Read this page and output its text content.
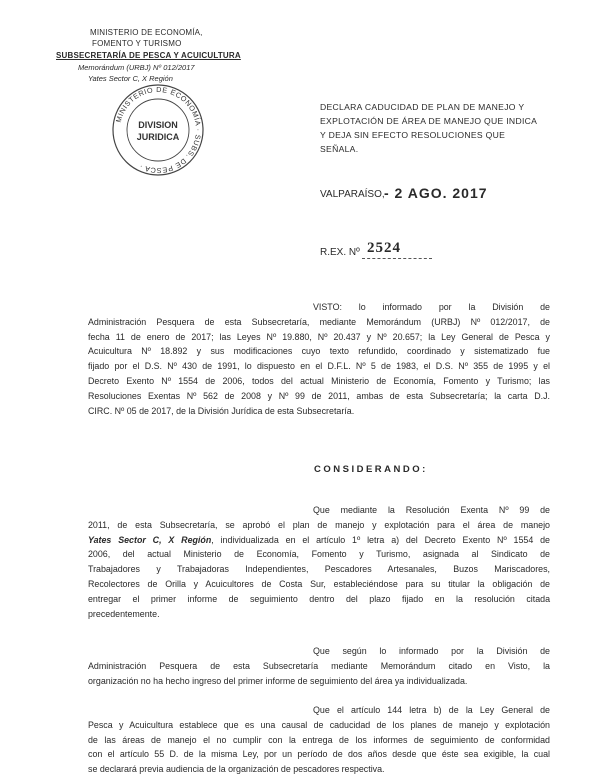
MINISTERIO DE ECONOMÍA,
FOMENTO Y TURISMO
SUBSECRETARÍA DE PESCA Y ACUICULTURA
Memorándum (URBJ) Nº 012/2017
Yates Sector C, X Región
MINISTERIO DE ECONOMÍA · SUBS. DE PESCA ·
DIVISION
JURIDICA
DECLARA CADUCIDAD DE PLAN DE MANEJO Y EXPLOTACIÓN DE ÁREA DE MANEJO QUE INDICA Y DEJA SIN EFECTO RESOLUCIONES QUE SEÑALA.
VALPARAÍSO, - 2 AGO. 2017
R.EX. Nº 2524
VISTO: lo informado por la División de
Administración Pesquera de esta Subsecretaría, mediante Memorándum (URBJ) Nº 012/2017, de
fecha 11 de enero de 2017; las Leyes Nº 19.880, Nº 20.437 y Nº 20.657; la Ley General de Pesca y
Acuicultura Nº 18.892 y sus modificaciones cuyo texto refundido, coordinado y sistematizado fue
fijado por el D.S. Nº 430 de 1991, lo dispuesto en el D.F.L. Nº 5 de 1983, el D.S. Nº 355 de 1995 y el
Decreto Exento Nº 1554 de 2006, todos del actual Ministerio de Economía, Fomento y Turismo; las
Resoluciones Exentas Nº 562 de 2008 y Nº 99 de 2011, ambas de esta Subsecretaría; la carta D.J.
CIRC. Nº 05 de 2017, de la División Jurídica de esta Subsecretaría.
CONSIDERANDO:
Que mediante la Resolución Exenta Nº 99 de
2011, de esta Subsecretaría, se aprobó el plan de manejo y explotación para el área de manejo
Yates Sector C, X Región, individualizada en el artículo 1º letra a) del Decreto Exento Nº 1554 de
2006, del actual Ministerio de Economía, Fomento y Turismo, asignada al Sindicato de
Trabajadores y Trabajadoras Independientes, Pescadores Artesanales, Buzos Mariscadores,
Recolectores de Orilla y Acuicultores de Costa Sur, estableciéndose para su titular la obligación de
entregar el primer informe de seguimiento dentro del plazo fijado en la resolución citada
precedentemente.
Que según lo informado por la División de
Administración Pesquera de esta Subsecretaría mediante Memorándum citado en Visto, la
organización no ha hecho ingreso del primer informe de seguimiento del área ya individualizada.
Que el artículo 144 letra b) de la Ley General de
Pesca y Acuicultura establece que es una causal de caducidad de los planes de manejo y explotación
de las áreas de manejo el no cumplir con la entrega de los informes de seguimiento de conformidad
con el artículo 55 D. de la misma Ley, por un período de dos años desde que éste sea exigible, la cual
se declarará previa audiencia de la organización de pescadores respectiva.
